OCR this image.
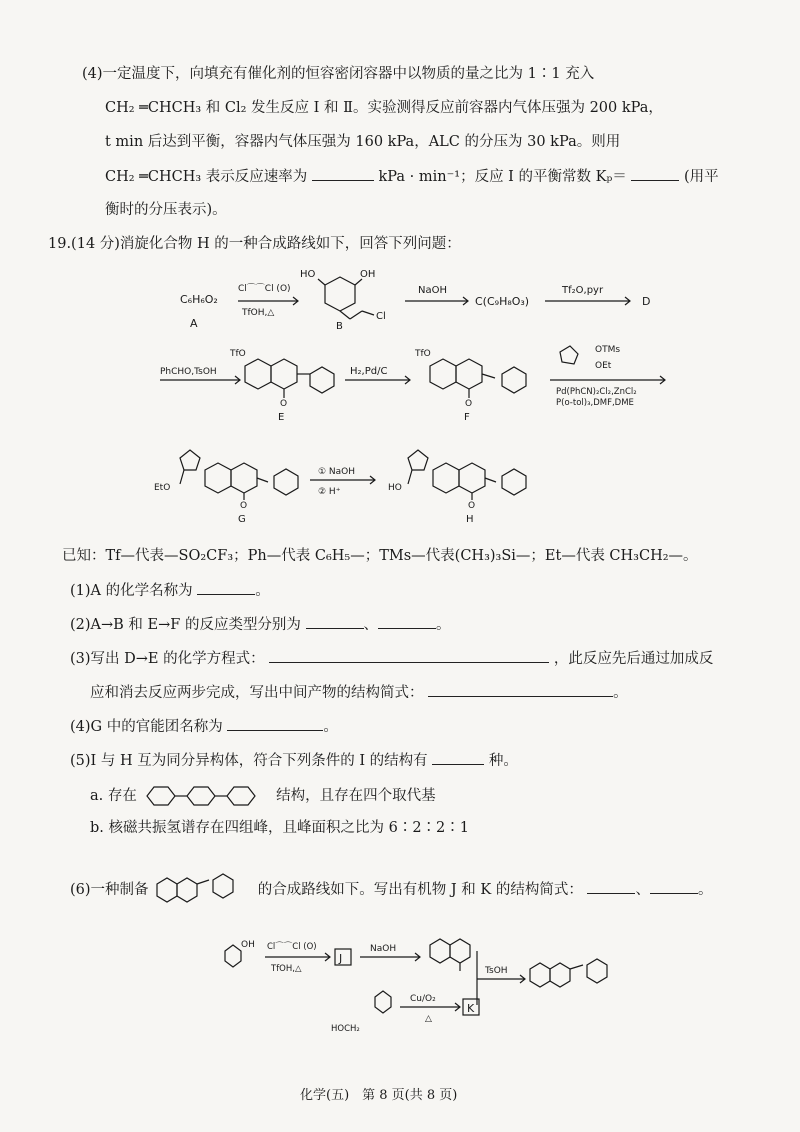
(4)一定温度下，向填充有催化剂的恒容密闭容器中以物质的量之比为 1∶1 充入
CH₂ ═CHCH₃ 和 Cl₂ 发生反应 Ⅰ 和 Ⅱ。实验测得反应前容器内气体压强为 200 kPa，
t min 后达到平衡，容器内气体压强为 160 kPa，ALC 的分压为 30 kPa。则用
CH₂ ═CHCH₃ 表示反应速率为	kPa · min⁻¹；反应 Ⅰ 的平衡常数 Kₚ＝	(用平
衡时的分压表示)。
19.(14 分)消旋化合物 H 的一种合成路线如下，回答下列问题：
C₆H₆O₂
A
Cl⌒⌒Cl (O)
TfOH,△
HO	OH
Cl
B
NaOH
C(C₉H₈O₃)
Tf₂O,pyr
D
PhCHO,TsOH
TfO
O
E
H₂,Pd/C
TfO
O
F
OTMs
OEt
Pd(PhCN)₂Cl₂,ZnCl₂
P(o-tol)₃,DMF,DME
EtO
O
G
① NaOH
② H⁺	HO
O
H
已知：Tf—代表—SO₂CF₃；Ph—代表 C₆H₅—；TMs—代表(CH₃)₃Si—；Et—代表 CH₃CH₂—。
(1)A 的化学名称为	。
(2)A→B 和 E→F 的反应类型分别为	、	。
(3)写出 D→E 的化学方程式：	，此反应先后通过加成反
应和消去反应两步完成，写出中间产物的结构简式：	。
(4)G 中的官能团名称为	。
(5)I 与 H 互为同分异构体，符合下列条件的 I 的结构有	种。
a. 存在	结构，且存在四个取代基
b. 核磁共振氢谱存在四组峰，且峰面积之比为 6∶2∶2∶1
(6)一种制备	的合成路线如下。写出有机物 J 和 K 的结构简式：	、	。
OH Cl⌒⌒Cl (O)
TfOH,△
J
NaOH
TsOH
HOCH₂
Cu/O₂
△
K
化学(五)　第 8 页(共 8 页)
